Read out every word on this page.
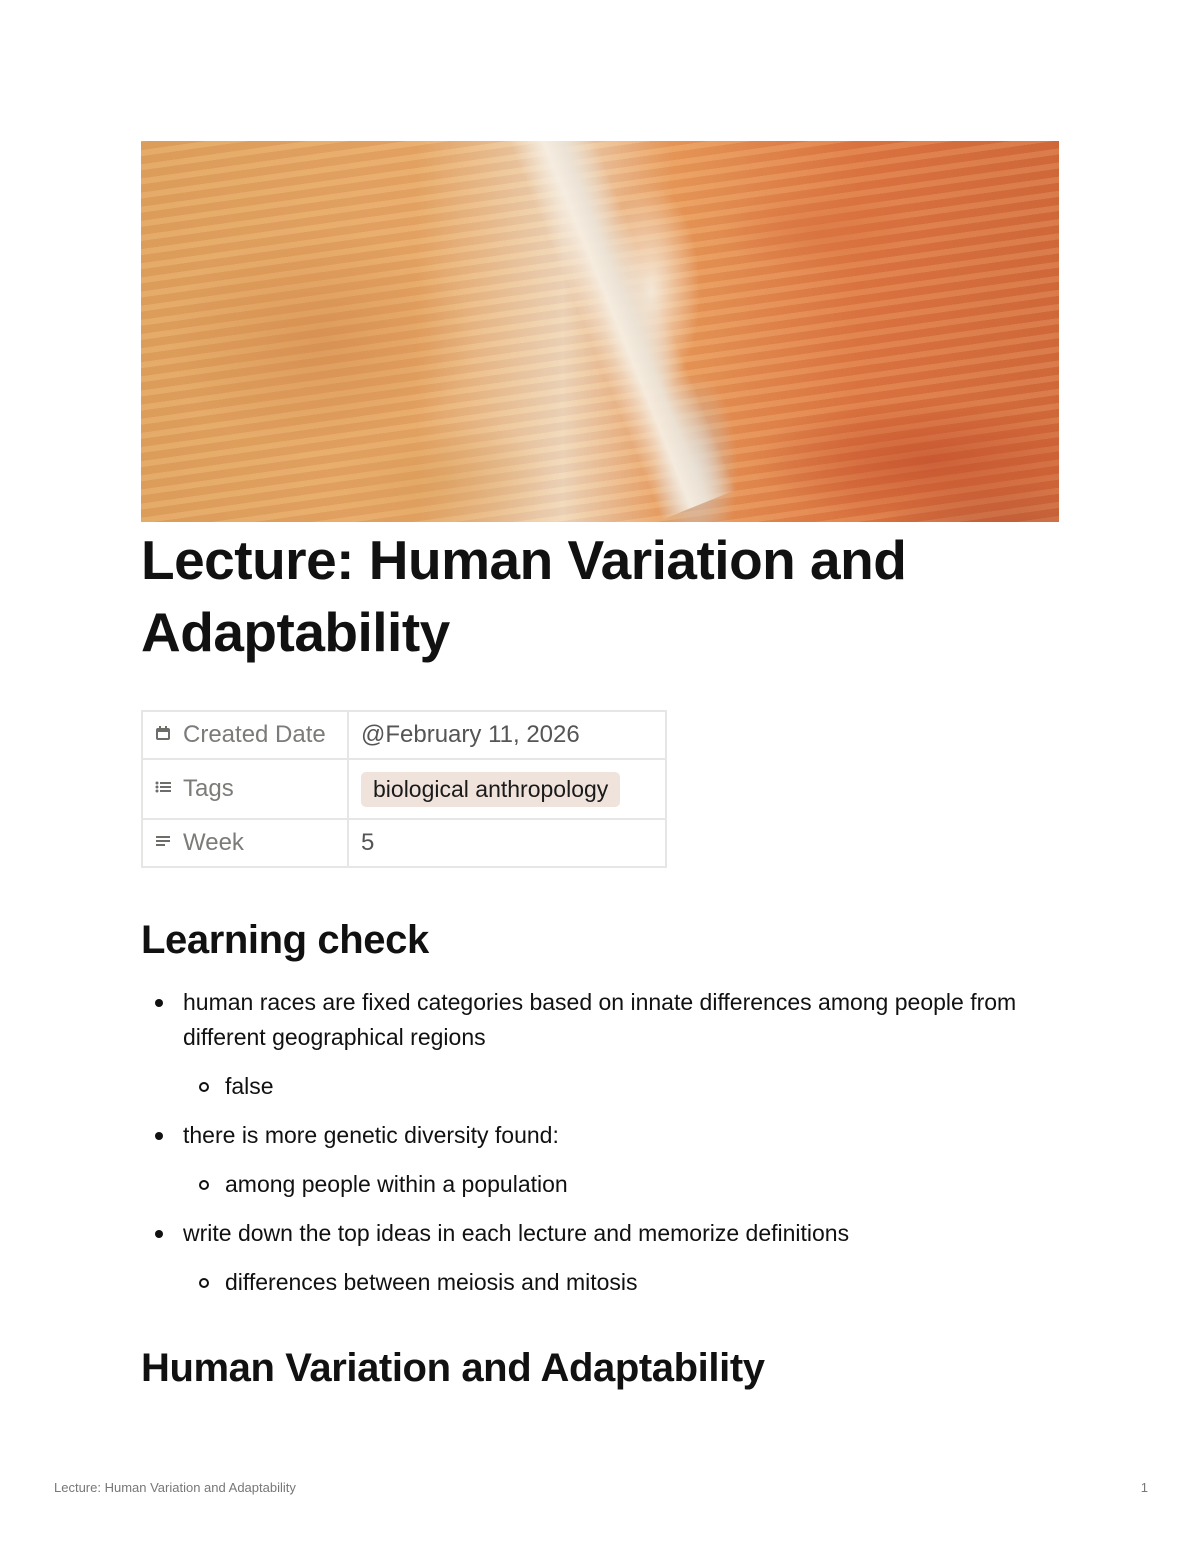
Lecture: Human Variation and Adaptability
Created Date	@February 11, 2026
Tags	biological anthropology
Week	5
Learning check
human races are fixed categories based on innate differences among people from different geographical regions
false
there is more genetic diversity found:
among people within a population
write down the top ideas in each lecture and memorize definitions
differences between meiosis and mitosis
Human Variation and Adaptability
Lecture: Human Variation and Adaptability	1
